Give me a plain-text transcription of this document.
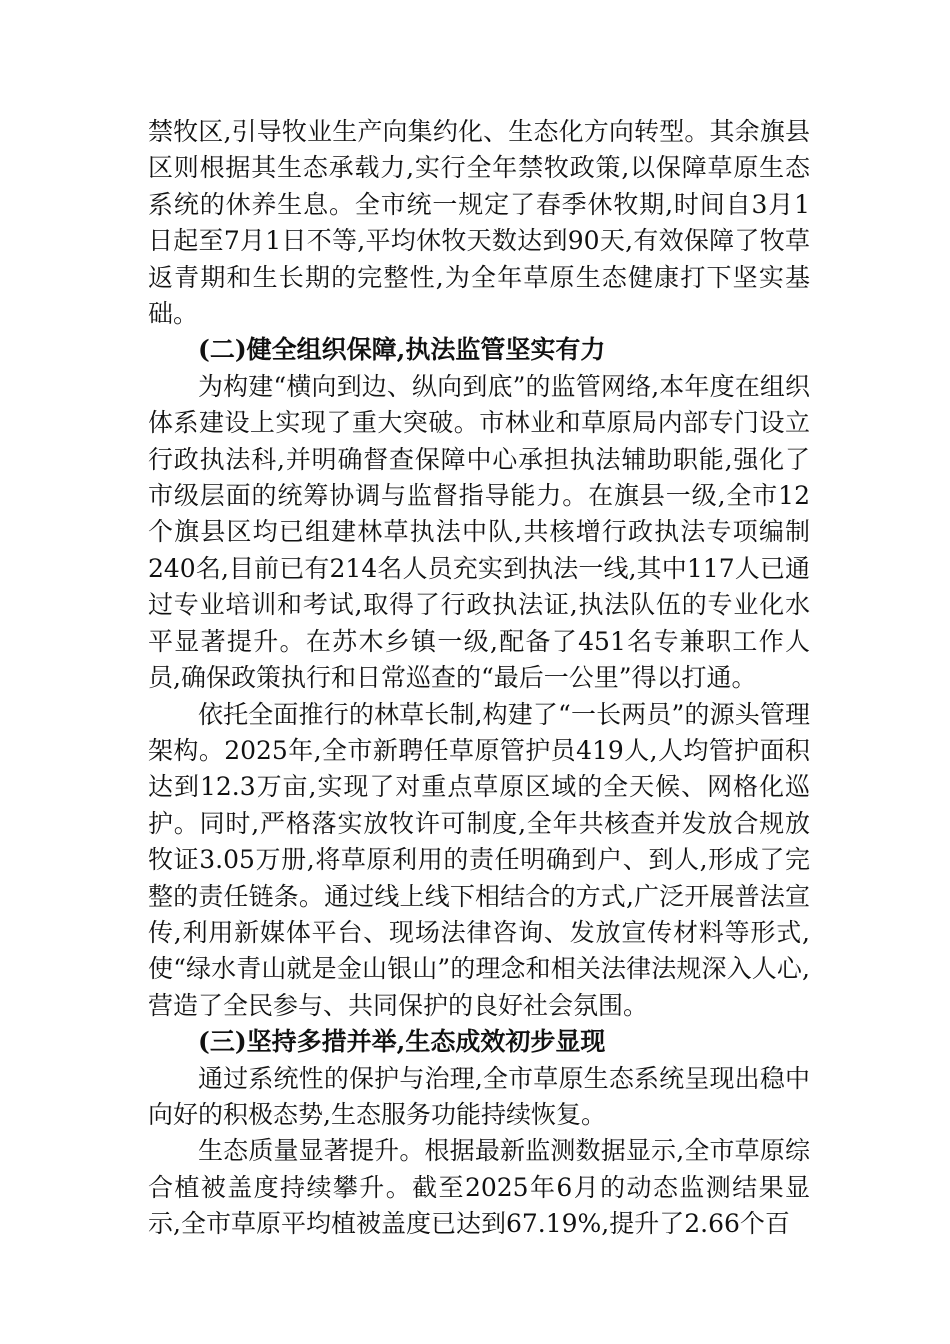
禁牧区,引导牧业生产向集约化、生态化方向转型。其余旗县区则根据其生态承载力,实行全年禁牧政策,以保障草原生态系统的休养生息。全市统一规定了春季休牧期,时间自3月1日起至7月1日不等,平均休牧天数达到90天,有效保障了牧草返青期和生长期的完整性,为全年草原生态健康打下坚实基础。

(二)健全组织保障,执法监管坚实有力

为构建“横向到边、纵向到底”的监管网络,本年度在组织体系建设上实现了重大突破。市林业和草原局内部专门设立行政执法科,并明确督查保障中心承担执法辅助职能,强化了市级层面的统筹协调与监督指导能力。在旗县一级,全市12个旗县区均已组建林草执法中队,共核增行政执法专项编制240名,目前已有214名人员充实到执法一线,其中117人已通过专业培训和考试,取得了行政执法证,执法队伍的专业化水平显著提升。在苏木乡镇一级,配备了451名专兼职工作人员,确保政策执行和日常巡查的“最后一公里”得以打通。

依托全面推行的林草长制,构建了“一长两员”的源头管理架构。2025年,全市新聘任草原管护员419人,人均管护面积达到12.3万亩,实现了对重点草原区域的全天候、网格化巡护。同时,严格落实放牧许可制度,全年共核查并发放合规放牧证3.05万册,将草原利用的责任明确到户、到人,形成了完整的责任链条。通过线上线下相结合的方式,广泛开展普法宣传,利用新媒体平台、现场法律咨询、发放宣传材料等形式,使“绿水青山就是金山银山”的理念和相关法律法规深入人心,营造了全民参与、共同保护的良好社会氛围。

(三)坚持多措并举,生态成效初步显现

通过系统性的保护与治理,全市草原生态系统呈现出稳中向好的积极态势,生态服务功能持续恢复。

生态质量显著提升。根据最新监测数据显示,全市草原综合植被盖度持续攀升。截至2025年6月的动态监测结果显示,全市草原平均植被盖度已达到67.19%,提升了2.66个百
